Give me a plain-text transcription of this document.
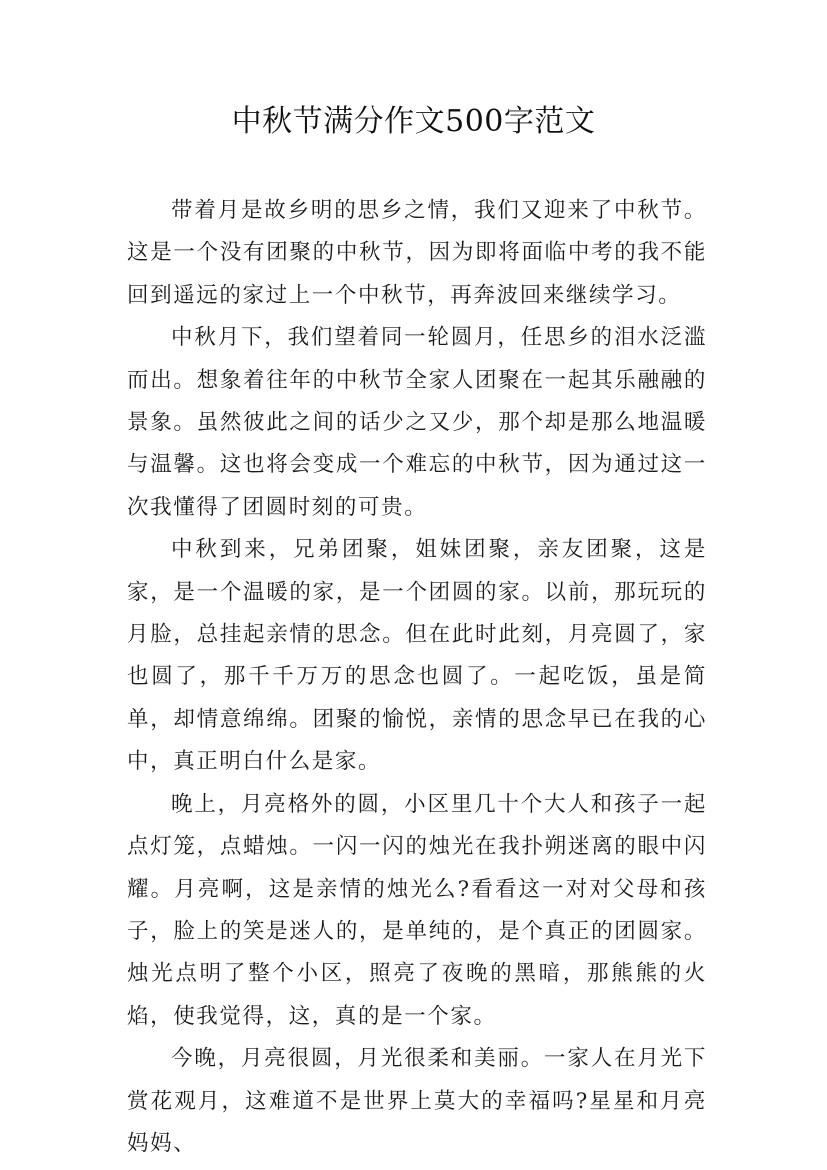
中秋节满分作文500字范文

带着月是故乡明的思乡之情，我们又迎来了中秋节。这是一个没有团聚的中秋节，因为即将面临中考的我不能回到遥远的家过上一个中秋节，再奔波回来继续学习。

中秋月下，我们望着同一轮圆月，任思乡的泪水泛滥而出。想象着往年的中秋节全家人团聚在一起其乐融融的景象。虽然彼此之间的话少之又少，那个却是那么地温暖与温馨。这也将会变成一个难忘的中秋节，因为通过这一次我懂得了团圆时刻的可贵。

中秋到来，兄弟团聚，姐妹团聚，亲友团聚，这是家，是一个温暖的家，是一个团圆的家。以前，那玩玩的月脸，总挂起亲情的思念。但在此时此刻，月亮圆了，家也圆了，那千千万万的思念也圆了。一起吃饭，虽是简单，却情意绵绵。团聚的愉悦，亲情的思念早已在我的心中，真正明白什么是家。

晚上，月亮格外的圆，小区里几十个大人和孩子一起点灯笼，点蜡烛。一闪一闪的烛光在我扑朔迷离的眼中闪耀。月亮啊，这是亲情的烛光么?看看这一对对父母和孩子，脸上的笑是迷人的，是单纯的，是个真正的团圆家。烛光点明了整个小区，照亮了夜晚的黑暗，那熊熊的火焰，使我觉得，这，真的是一个家。

今晚，月亮很圆，月光很柔和美丽。一家人在月光下赏花观月，这难道不是世界上莫大的幸福吗?星星和月亮妈妈、
